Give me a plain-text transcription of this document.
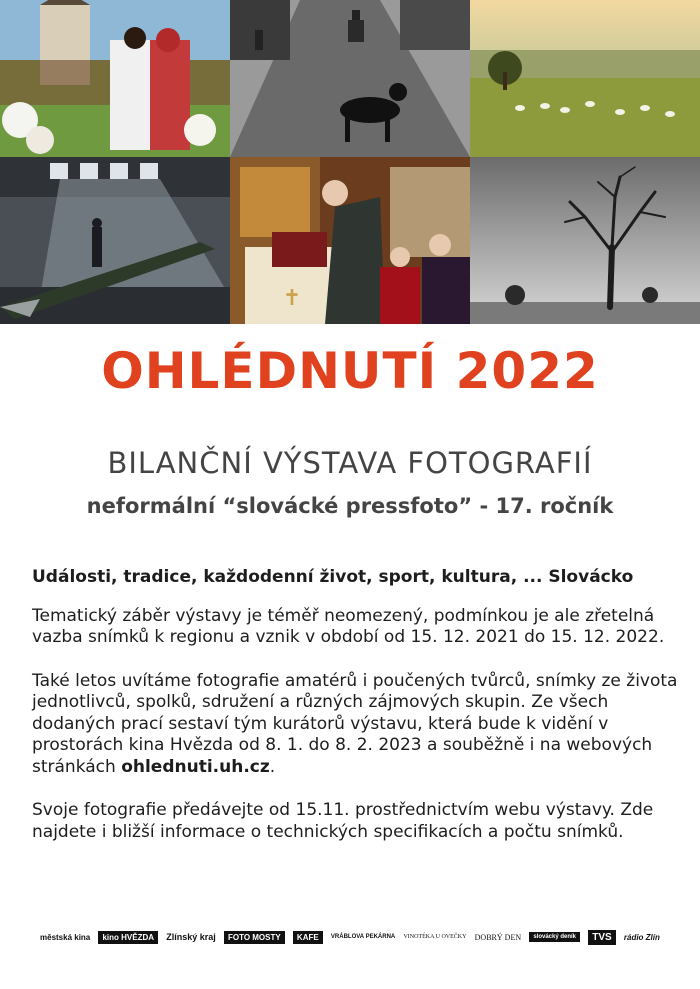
✝
OHLÉDNUTÍ 2022
BILANČNÍ VÝSTAVA FOTOGRAFIÍ
neformální “slovácké pressfoto” - 17. ročník

Události, tradice, každodenní život, sport, kultura, ... Slovácko

Tematický záběr výstavy je téměř neomezený, podmínkou je ale zřetelná vazba snímků k regionu a vznik v období od 15. 12. 2021 do 15. 12. 2022.

Také letos uvítáme fotografie amatérů i poučených tvůrců, snímky ze života jednotlivců, spolků, sdružení a různých zájmových skupin. Ze všech dodaných prací sestaví tým kurátorů výstavu, která bude k vidění v prostorách kina Hvězda od 8. 1. do 8. 2. 2023 a souběžně i na webových stránkách ohlednuti.uh.cz.

Svoje fotografie předávejte od 15.11. prostřednictvím webu výstavy. Zde najdete i bližší informace o technických specifikacích a počtu snímků.

městská kina	kino HVĚZDA	Zlínský kraj	FOTO MOSTY	KAFE	VRÁBLOVA PEKÁRNA VINOTÉKA U OVEČKY DOBRÝ DEN	slovácký deník	TVS	rádio Zlín
